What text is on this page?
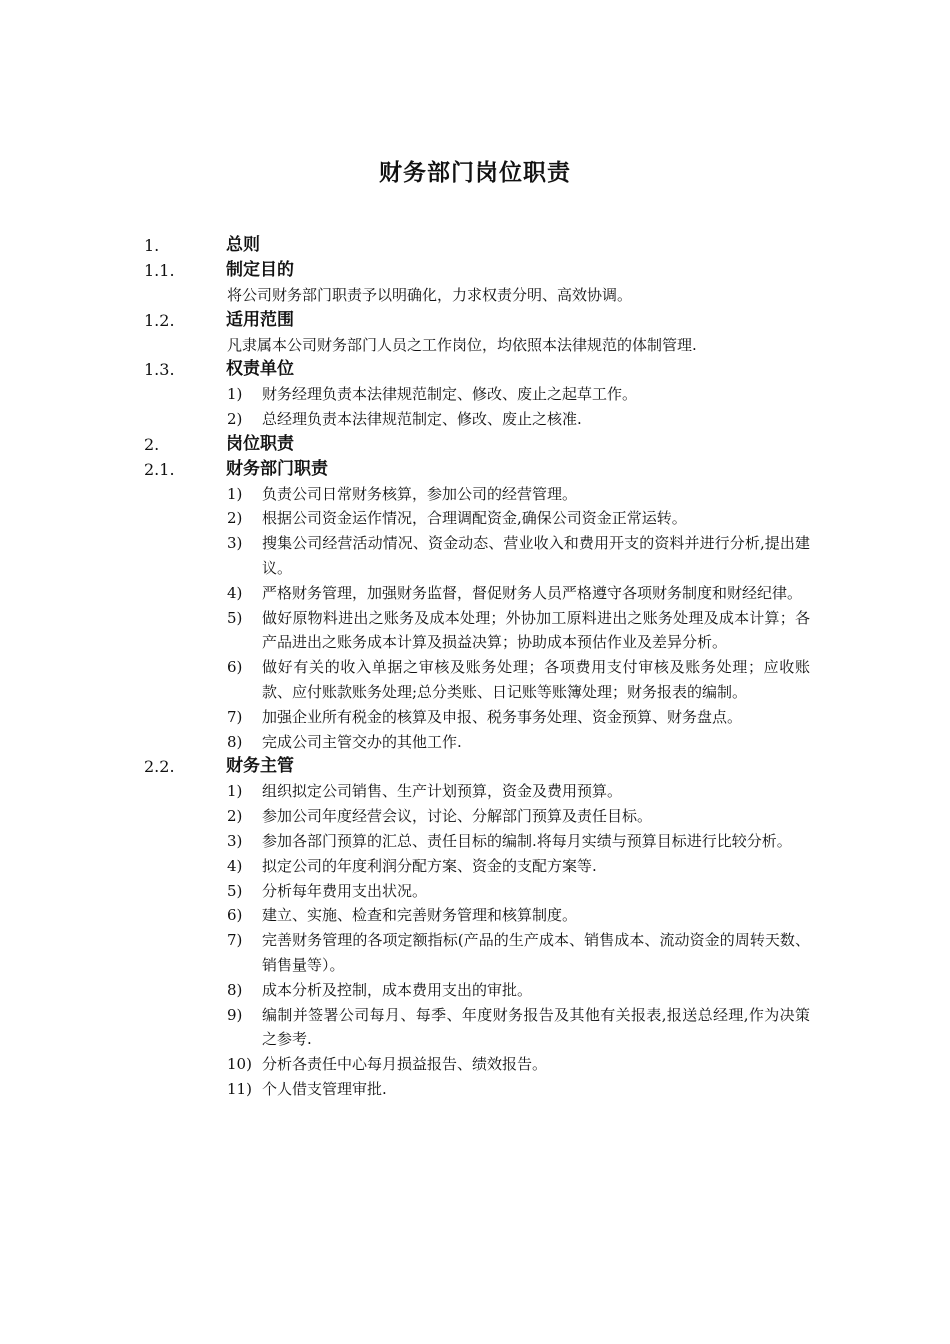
财务部门岗位职责
1.	总则
1.1.	制定目的
将公司财务部门职责予以明确化，力求权责分明、高效协调。
1.2.	适用范围
凡隶属本公司财务部门人员之工作岗位，均依照本法律规范的体制管理.
1.3.	权责单位
1) 财务经理负责本法律规范制定、修改、废止之起草工作。
2) 总经理负责本法律规范制定、修改、废止之核准.
2.	岗位职责
2.1.	财务部门职责
1) 负责公司日常财务核算，参加公司的经营管理。
2) 根据公司资金运作情况，合理调配资金,确保公司资金正常运转。
3) 搜集公司经营活动情况、资金动态、营业收入和费用开支的资料并进行分析,提出建议。
4) 严格财务管理，加强财务监督，督促财务人员严格遵守各项财务制度和财经纪律。
5) 做好原物料进出之账务及成本处理；外协加工原料进出之账务处理及成本计算；各产品进出之账务成本计算及损益决算；协助成本预估作业及差异分析。
6) 做好有关的收入单据之审核及账务处理；各项费用支付审核及账务处理；应收账款、应付账款账务处理;总分类账、日记账等账簿处理；财务报表的编制。
7) 加强企业所有税金的核算及申报、税务事务处理、资金预算、财务盘点。
8) 完成公司主管交办的其他工作.
2.2.	财务主管
1) 组织拟定公司销售、生产计划预算，资金及费用预算。
2) 参加公司年度经营会议，讨论、分解部门预算及责任目标。
3) 参加各部门预算的汇总、责任目标的编制.将每月实绩与预算目标进行比较分析。
4) 拟定公司的年度利润分配方案、资金的支配方案等.
5) 分析每年费用支出状况。
6) 建立、实施、检查和完善财务管理和核算制度。
7) 完善财务管理的各项定额指标(产品的生产成本、销售成本、流动资金的周转天数、销售量等）。
8) 成本分析及控制，成本费用支出的审批。
9) 编制并签署公司每月、每季、年度财务报告及其他有关报表,报送总经理,作为决策之参考.
10) 分析各责任中心每月损益报告、绩效报告。
11) 个人借支管理审批.
